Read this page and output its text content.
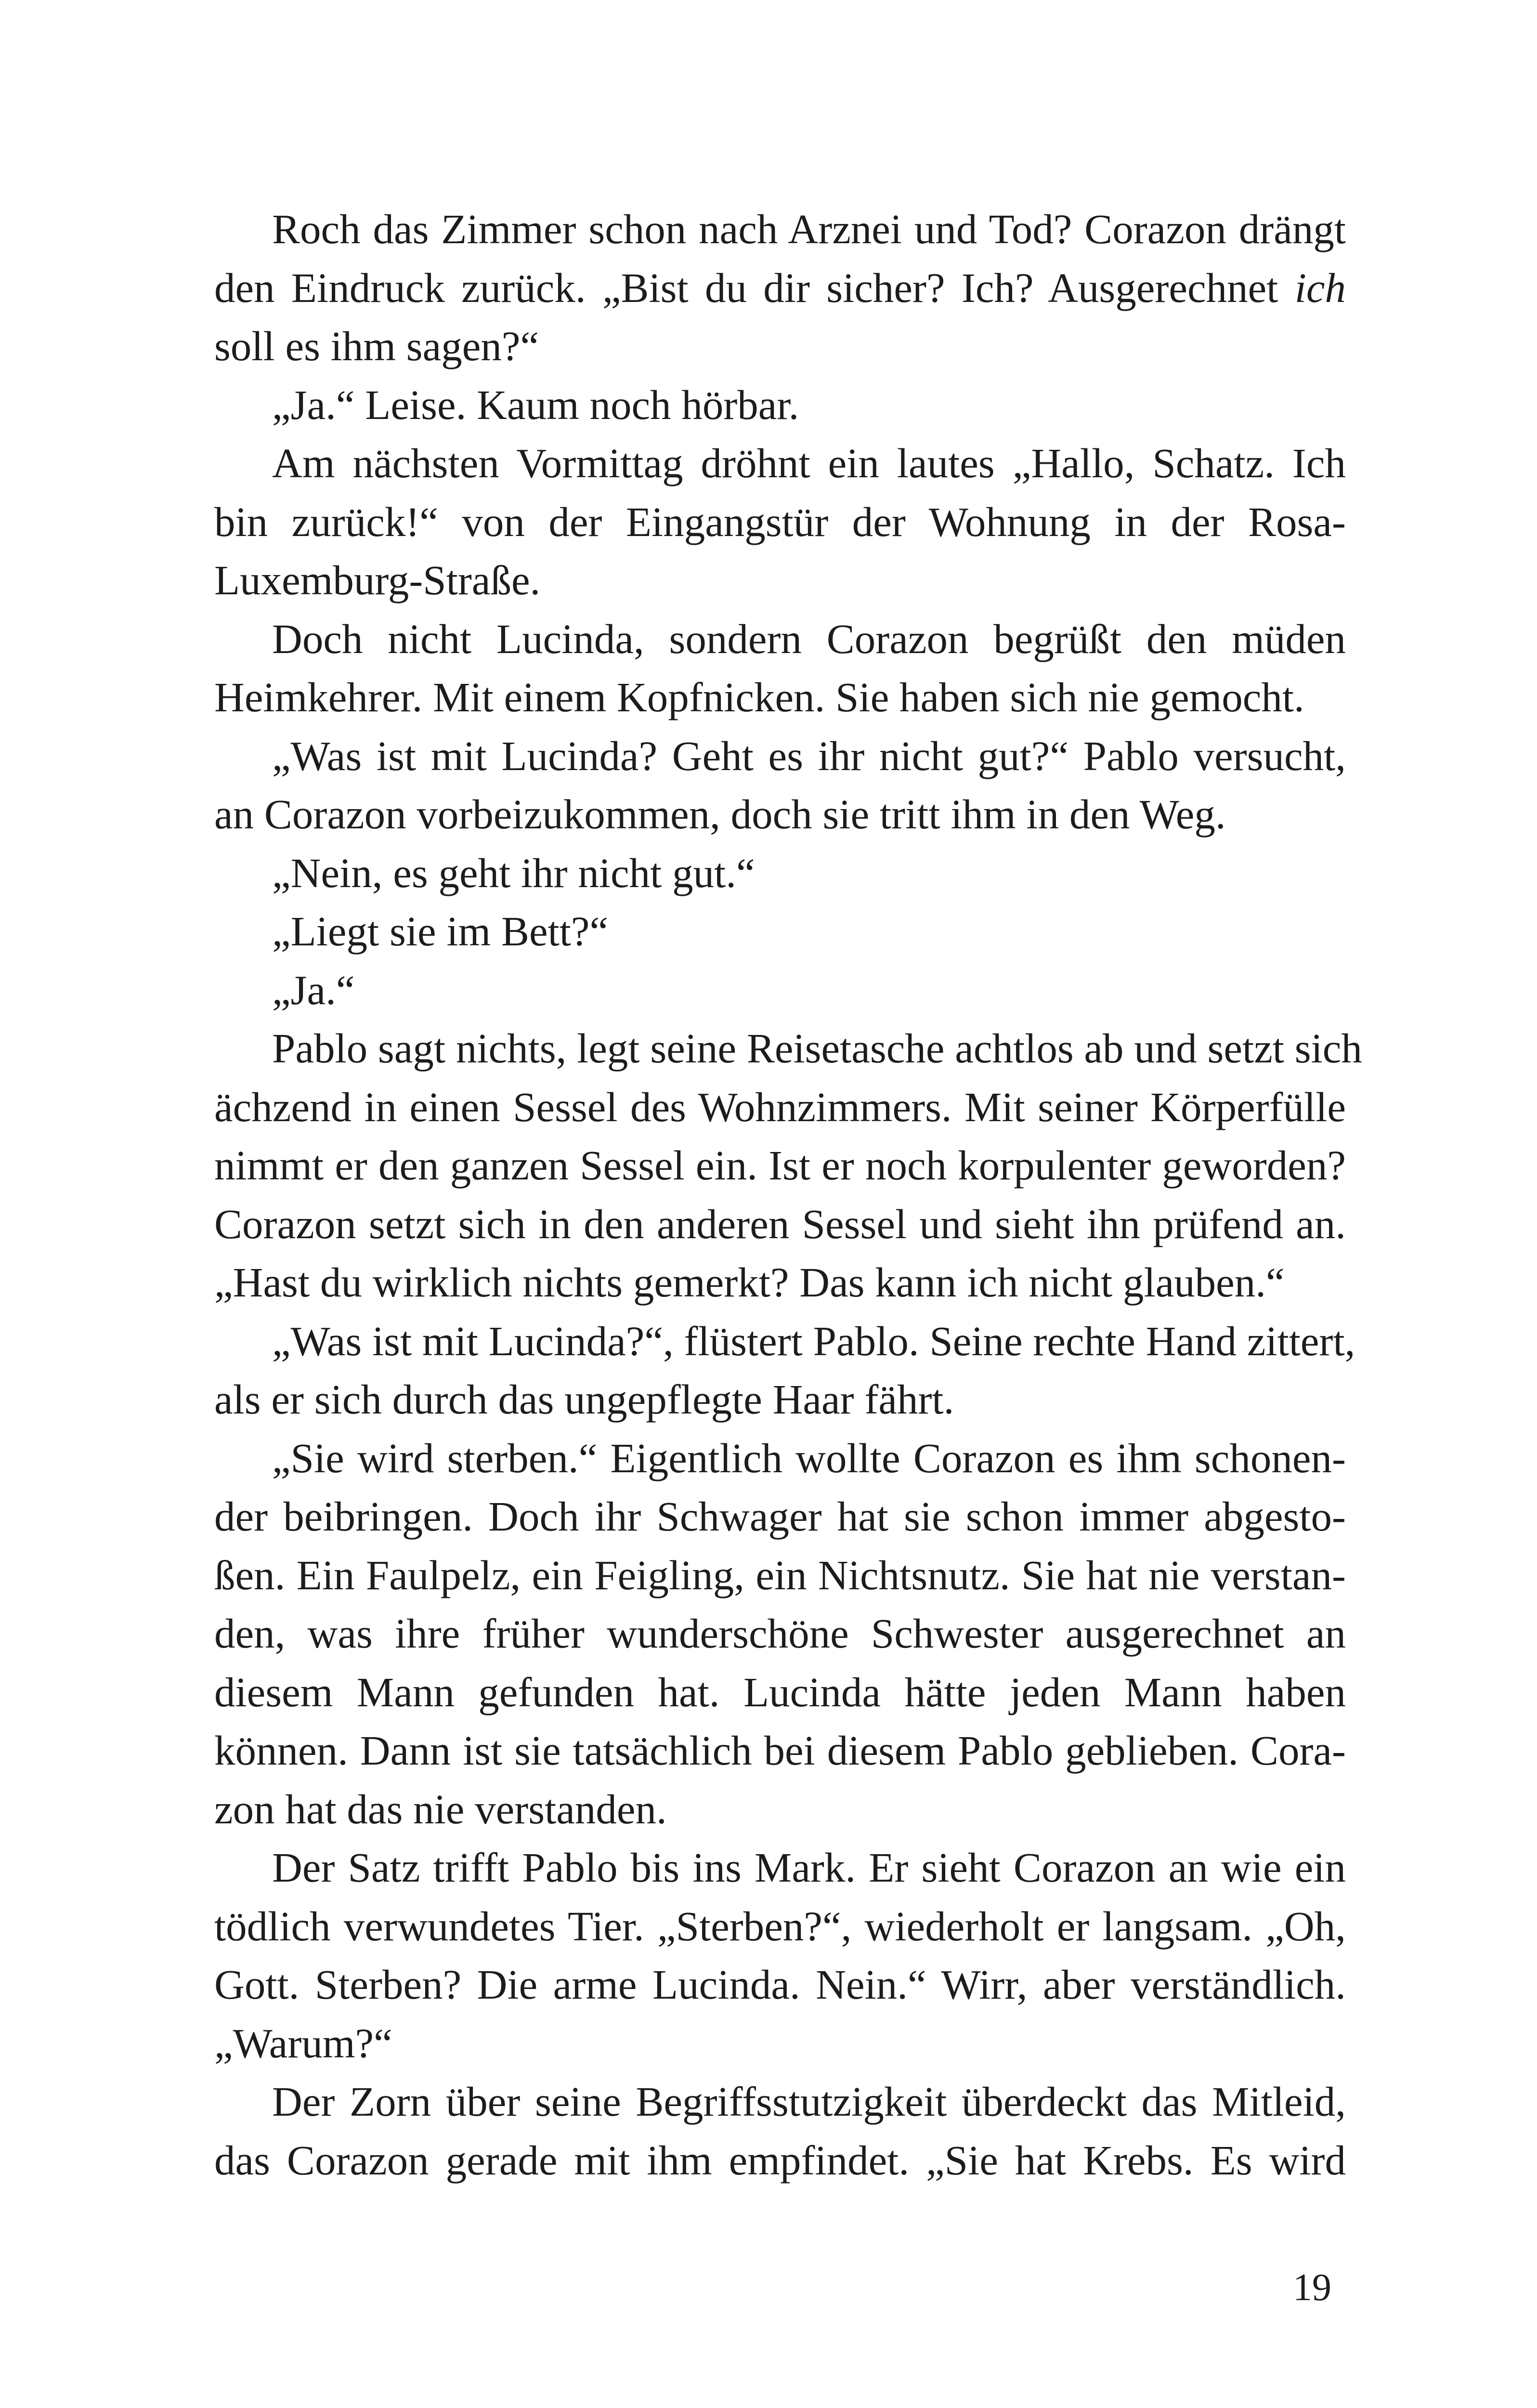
Roch das Zimmer schon nach Arznei und Tod? Corazon drängt
den Eindruck zurück. „Bist du dir sicher? Ich? Ausgerechnet ich
soll es ihm sagen?“
„Ja.“ Leise. Kaum noch hörbar.
Am nächsten Vormittag dröhnt ein lautes „Hallo, Schatz. Ich
bin zurück!“ von der Eingangstür der Wohnung in der Rosa-
Luxemburg-Straße.
Doch nicht Lucinda, sondern Corazon begrüßt den müden
Heimkehrer. Mit einem Kopfnicken. Sie haben sich nie gemocht.
„Was ist mit Lucinda? Geht es ihr nicht gut?“ Pablo versucht,
an Corazon vorbeizukommen, doch sie tritt ihm in den Weg.
„Nein, es geht ihr nicht gut.“
„Liegt sie im Bett?“
„Ja.“
Pablo sagt nichts, legt seine Reisetasche achtlos ab und setzt sich
ächzend in einen Sessel des Wohnzimmers. Mit seiner Körperfülle
nimmt er den ganzen Sessel ein. Ist er noch korpulenter geworden?
Corazon setzt sich in den anderen Sessel und sieht ihn prüfend an.
„Hast du wirklich nichts gemerkt? Das kann ich nicht glauben.“
„Was ist mit Lucinda?“, flüstert Pablo. Seine rechte Hand zittert,
als er sich durch das ungepflegte Haar fährt.
„Sie wird sterben.“ Eigentlich wollte Corazon es ihm schonen-
der beibringen. Doch ihr Schwager hat sie schon immer abgesto-
ßen. Ein Faulpelz, ein Feigling, ein Nichtsnutz. Sie hat nie verstan-
den, was ihre früher wunderschöne Schwester ausgerechnet an
diesem Mann gefunden hat. Lucinda hätte jeden Mann haben
können. Dann ist sie tatsächlich bei diesem Pablo geblieben. Cora-
zon hat das nie verstanden.
Der Satz trifft Pablo bis ins Mark. Er sieht Corazon an wie ein
tödlich verwundetes Tier. „Sterben?“, wiederholt er langsam. „Oh,
Gott. Sterben? Die arme Lucinda. Nein.“ Wirr, aber verständlich.
„Warum?“
Der Zorn über seine Begriffsstutzigkeit überdeckt das Mitleid,
das Corazon gerade mit ihm empfindet. „Sie hat Krebs. Es wird
19
